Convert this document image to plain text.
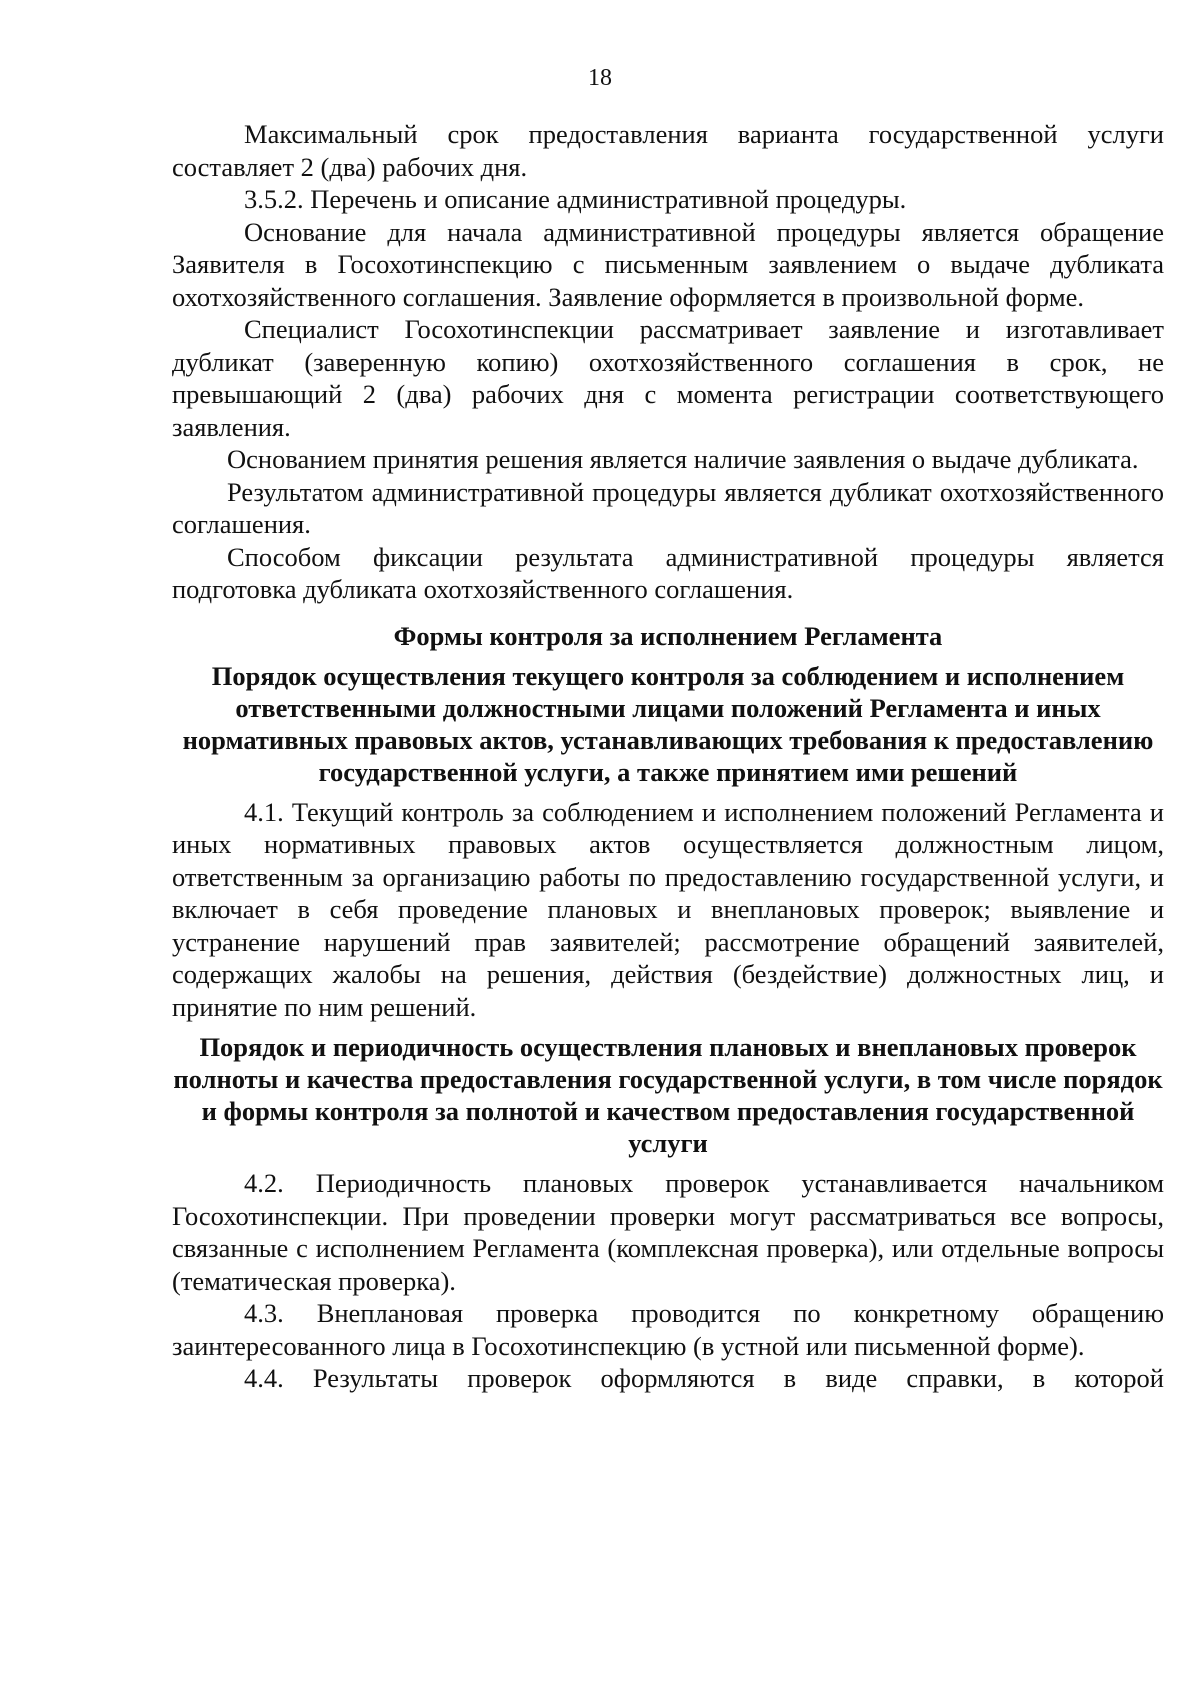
18

Максимальный срок предоставления варианта государственной услуги составляет 2 (два) рабочих дня.

3.5.2. Перечень и описание административной процедуры.

Основание для начала административной процедуры является обращение Заявителя в Госохотинспекцию с письменным заявлением о выдаче дубликата охотхозяйственного соглашения. Заявление оформляется в произвольной форме.

Специалист Госохотинспекции рассматривает заявление и изготавливает дубликат (заверенную копию) охотхозяйственного соглашения в срок, не превышающий 2 (два) рабочих дня с момента регистрации соответствующего заявления.

Основанием принятия решения является наличие заявления о выдаче дубликата.

Результатом административной процедуры является дубликат охотхозяйственного соглашения.

Способом фиксации результата административной процедуры является подготовка дубликата охотхозяйственного соглашения.

Формы контроля за исполнением Регламента
Порядок осуществления текущего контроля за соблюдением и исполнением ответственными должностными лицами положений Регламента и иных нормативных правовых актов, устанавливающих требования к предоставлению государственной услуги, а также принятием ими решений

4.1. Текущий контроль за соблюдением и исполнением положений Регламента и иных нормативных правовых актов осуществляется должностным лицом, ответственным за организацию работы по предоставлению государственной услуги, и включает в себя проведение плановых и внеплановых проверок; выявление и устранение нарушений прав заявителей; рассмотрение обращений заявителей, содержащих жалобы на решения, действия (бездействие) должностных лиц, и принятие по ним решений.

Порядок и периодичность осуществления плановых и внеплановых проверок полноты и качества предоставления государственной услуги, в том числе порядок и формы контроля за полнотой и качеством предоставления государственной услуги

4.2. Периодичность плановых проверок устанавливается начальником Госохотинспекции. При проведении проверки могут рассматриваться все вопросы, связанные с исполнением Регламента (комплексная проверка), или отдельные вопросы (тематическая проверка).

4.3. Внеплановая проверка проводится по конкретному обращению заинтересованного лица в Госохотинспекцию (в устной или письменной форме).

4.4. Результаты проверок оформляются в виде справки, в которой
